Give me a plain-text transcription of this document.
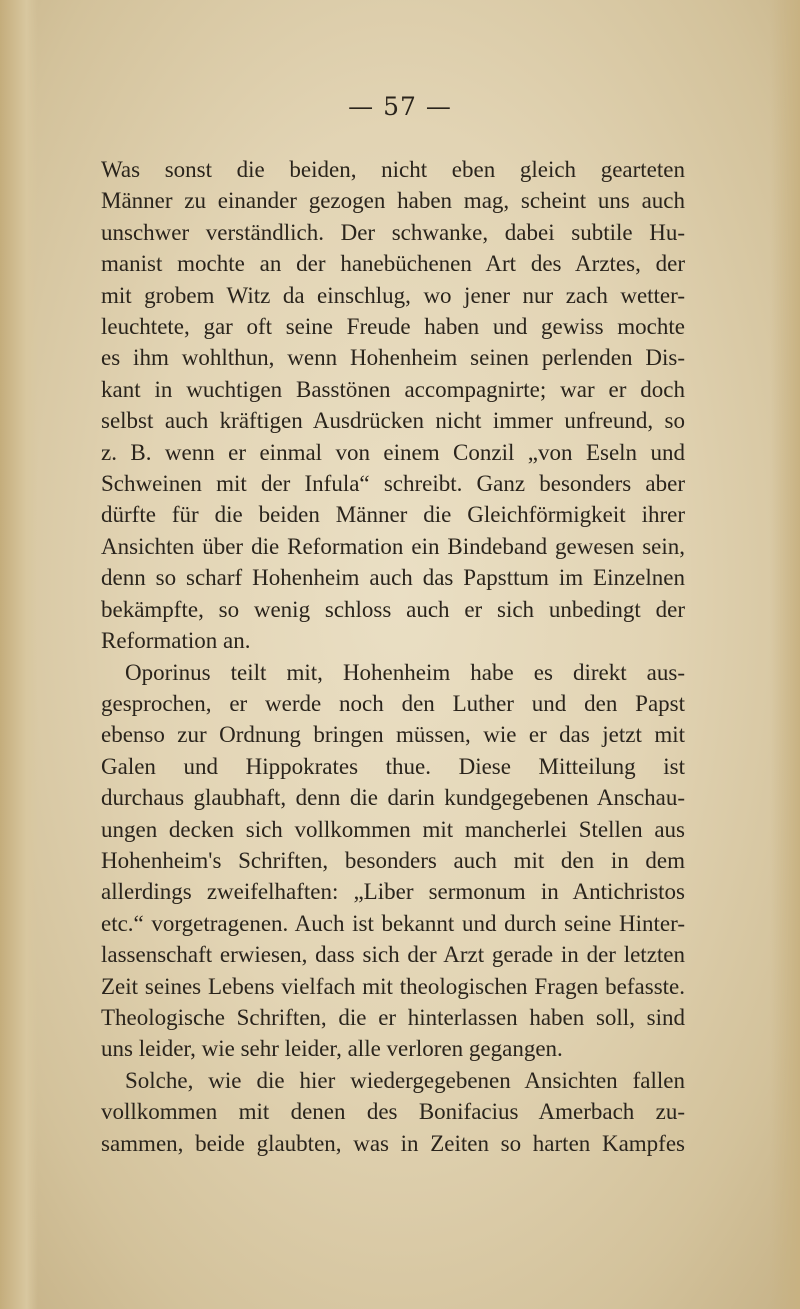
— 57 —
Was sonst die beiden, nicht eben gleich gearteten
Männer zu einander gezogen haben mag, scheint uns auch
unschwer verständlich. Der schwanke, dabei subtile Hu-
manist mochte an der hanebüchenen Art des Arztes, der
mit grobem Witz da einschlug, wo jener nur zach wetter-
leuchtete, gar oft seine Freude haben und gewiss mochte
es ihm wohlthun, wenn Hohenheim seinen perlenden Dis-
kant in wuchtigen Basstönen accompagnirte; war er doch
selbst auch kräftigen Ausdrücken nicht immer unfreund, so
z. B. wenn er einmal von einem Conzil „von Eseln und
Schweinen mit der Infula“ schreibt. Ganz besonders aber
dürfte für die beiden Männer die Gleichförmigkeit ihrer
Ansichten über die Reformation ein Bindeband gewesen sein,
denn so scharf Hohenheim auch das Papsttum im Einzelnen
bekämpfte, so wenig schloss auch er sich unbedingt der
Reformation an.
Oporinus teilt mit, Hohenheim habe es direkt aus-
gesprochen, er werde noch den Luther und den Papst
ebenso zur Ordnung bringen müssen, wie er das jetzt mit
Galen und Hippokrates thue. Diese Mitteilung ist
durchaus glaubhaft, denn die darin kundgegebenen Anschau-
ungen decken sich vollkommen mit mancherlei Stellen aus
Hohenheim's Schriften, besonders auch mit den in dem
allerdings zweifelhaften: „Liber sermonum in Antichristos
etc.“ vorgetragenen. Auch ist bekannt und durch seine Hinter-
lassenschaft erwiesen, dass sich der Arzt gerade in der letzten
Zeit seines Lebens vielfach mit theologischen Fragen befasste.
Theologische Schriften, die er hinterlassen haben soll, sind
uns leider, wie sehr leider, alle verloren gegangen.
Solche, wie die hier wiedergegebenen Ansichten fallen
vollkommen mit denen des Bonifacius Amerbach zu-
sammen, beide glaubten, was in Zeiten so harten Kampfes
